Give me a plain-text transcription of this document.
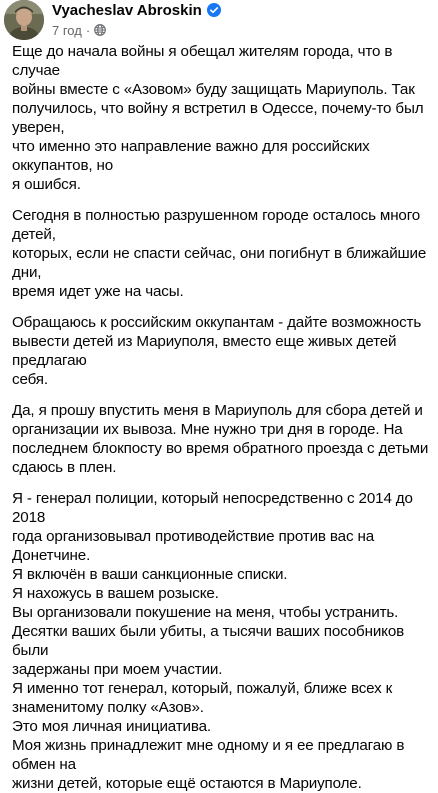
Vyacheslav Abroskin
7 год ·

Еще до начала войны я обещал жителям города, что в случае
войны вместе с «Азовом» буду защищать Мариуполь. Так
получилось, что войну я встретил в Одессе, почему-то был уверен,
что именно это направление важно для российских оккупантов, но
я ошибся.

Сегодня в полностью разрушенном городе осталось много детей,
которых, если не спасти сейчас, они погибнут в ближайшие дни,
время идет уже на часы.

Обращаюсь к российским оккупантам - дайте возможность
вывести детей из Мариуполя, вместо еще живых детей предлагаю
себя.

Да, я прошу впустить меня в Мариуполь для сбора детей и
организации их вывоза. Мне нужно три дня в городе. На
последнем блокпосту во время обратного проезда с детьми
сдаюсь в плен.

Я - генерал полиции, который непосредственно с 2014 до 2018
года организовывал противодействие против вас на Донетчине.

Я включён в ваши санкционные списки.

Я нахожусь в вашем розыске.

Вы организовали покушение на меня, чтобы устранить.

Десятки ваших были убиты, а тысячи ваших пособников были
задержаны при моем участии.

Я именно тот генерал, который, пожалуй, ближе всех к
знаменитому полку «Азов».

Это моя личная инициатива.

Моя жизнь принадлежит мне одному и я ее предлагаю в обмен на
жизни детей, которые ещё остаются в Мариуполе.
